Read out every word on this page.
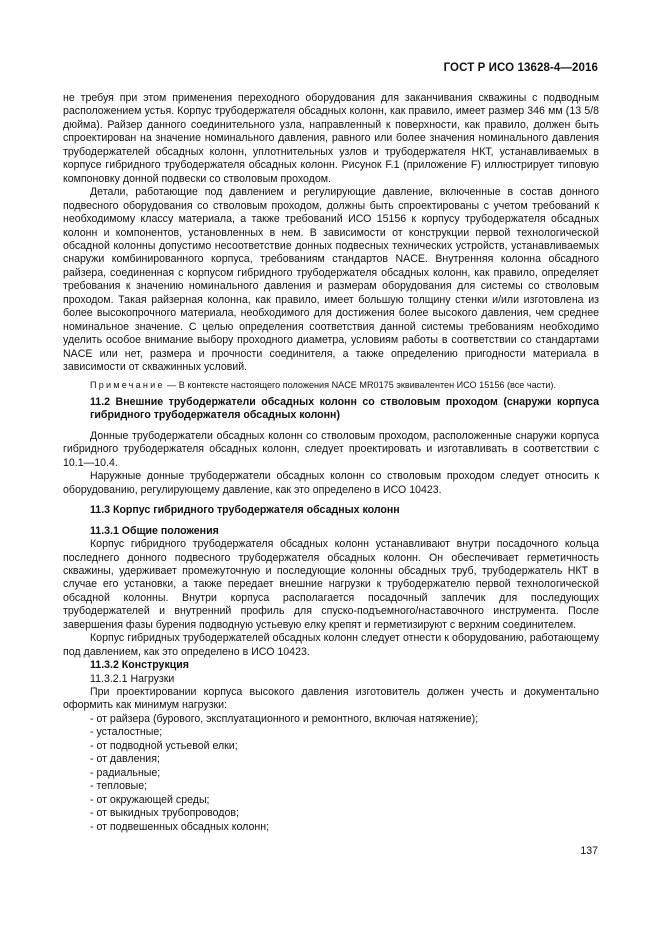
ГОСТ Р ИСО 13628-4—2016

не требуя при этом применения переходного оборудования для заканчивания скважины с подводным расположением устья. Корпус трубодержателя обсадных колонн, как правило, имеет размер 346 мм (13 5/8 дюйма). Райзер данного соединительного узла, направленный к поверхности, как правило, должен быть спроектирован на значение номинального давления, равного или более значения номинального давления трубодержателей обсадных колонн, уплотнительных узлов и трубодержателя НКТ, устанавливаемых в корпусе гибридного трубодержателя обсадных колонн. Рисунок F.1 (приложение F) иллюстрирует типовую компоновку донной подвески со стволовым проходом.

Детали, работающие под давлением и регулирующие давление, включенные в состав донного подвесного оборудования со стволовым проходом, должны быть спроектированы с учетом требований к необходимому классу материала, а также требований ИСО 15156 к корпусу трубодержателя обсадных колонн и компонентов, установленных в нем. В зависимости от конструкции первой технологической обсадной колонны допустимо несоответствие донных подвесных технических устройств, устанавливаемых снаружи комбинированного корпуса, требованиям стандартов NACE. Внутренняя колонна обсадного райзера, соединенная с корпусом гибридного трубодержателя обсадных колонн, как правило, определяет требования к значению номинального давления и размерам оборудования для системы со стволовым проходом. Такая райзерная колонна, как правило, имеет большую толщину стенки и/или изготовлена из более высокопрочного материала, необходимого для достижения более высокого давления, чем среднее номинальное значение. С целью определения соответствия данной системы требованиям необходимо уделить особое внимание выбору проходного диаметра, условиям работы в соответствии со стандартами NACE или нет, размера и прочности соединителя, а также определению пригодности материала в зависимости от скважинных условий.

Примечание — В контексте настоящего положения NACE MR0175 эквивалентен ИСО 15156 (все части).

11.2 Внешние трубодержатели обсадных колонн со стволовым проходом (снаружи корпуса гибридного трубодержателя обсадных колонн)

Донные трубодержатели обсадных колонн со стволовым проходом, расположенные снаружи корпуса гибридного трубодержателя обсадных колонн, следует проектировать и изготавливать в соответствии с 10.1—10.4.

Наружные донные трубодержатели обсадных колонн со стволовым проходом следует относить к оборудованию, регулирующему давление, как это определено в ИСО 10423.

11.3 Корпус гибридного трубодержателя обсадных колонн

11.3.1 Общие положения

Корпус гибридного трубодержателя обсадных колонн устанавливают внутри посадочного кольца последнего донного подвесного трубодержателя обсадных колонн. Он обеспечивает герметичность скважины, удерживает промежуточную и последующие колонны обсадных труб, трубодержатель НКТ в случае его установки, а также передает внешние нагрузки к трубодержателю первой технологической обсадной колонны. Внутри корпуса располагается посадочный заплечик для последующих трубодержателей и внутренний профиль для спуско-подъемного/наставочного инструмента. После завершения фазы бурения подводную устьевую елку крепят и герметизируют с верхним соединителем.

Корпус гибридных трубодержателей обсадных колонн следует отнести к оборудованию, работающему под давлением, как это определено в ИСО 10423.

11.3.2 Конструкция

11.3.2.1 Нагрузки

При проектировании корпуса высокого давления изготовитель должен учесть и документально оформить как минимум нагрузки:

- от райзера (бурового, эксплуатационного и ремонтного, включая натяжение);

- усталостные;

- от подводной устьевой елки;

- от давления;

- радиальные;

- тепловые;

- от окружающей среды;

- от выкидных трубопроводов;

- от подвешенных обсадных колонн;

137
